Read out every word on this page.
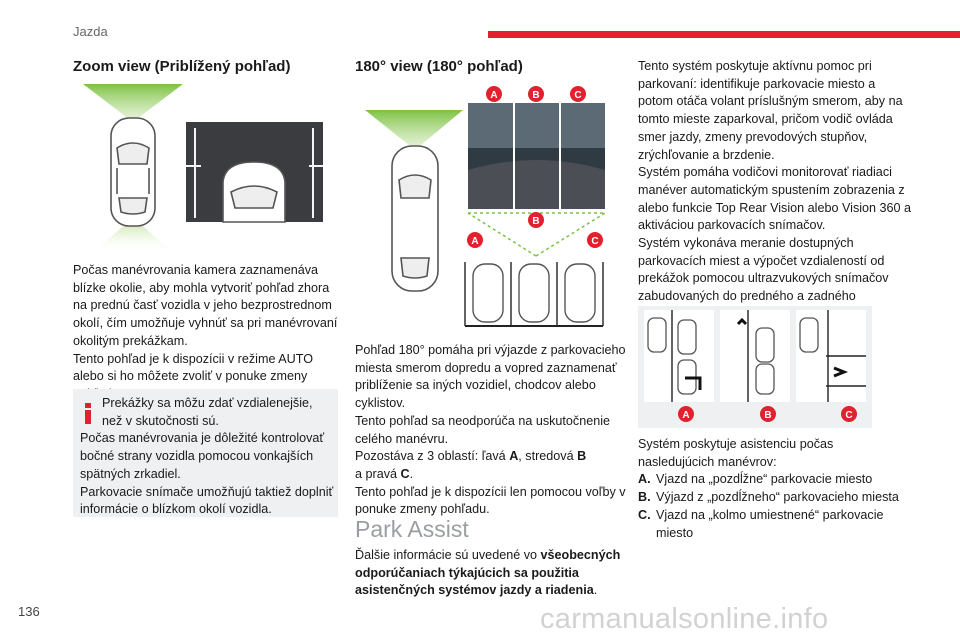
Jazda
Zoom view (Priblížený pohľad)
Počas manévrovania kamera zaznamenáva
blízke okolie, aby mohla vytvoriť pohľad zhora
na prednú časť vozidla v jeho bezprostrednom
okolí, čím umožňuje vyhnúť sa pri manévrovaní
okolitým prekážkam.
Tento pohľad je k dispozícii v režime AUTO
alebo si ho môžete zvoliť v ponuke zmeny
Prekážky sa môžu zdať vzdialenejšie,
než v skutočnosti sú.
Počas manévrovania je dôležité kontrolovať
bočné strany vozidla pomocou vonkajších
spätných zrkadiel.
Parkovacie snímače umožňujú taktiež doplniť
informácie o blízkom okolí vozidla.
180° view (180° pohľad)
A	B	C
B
A	C
Pohľad 180° pomáha pri výjazde z parkovacieho
miesta smerom dopredu a vopred zaznamenať
priblíženie sa iných vozidiel, chodcov alebo
cyklistov.
Tento pohľad sa neodporúča na uskutočnenie
celého manévru.
Pozostáva z 3 oblastí: ľavá A, stredová B
a pravá C.
Tento pohľad je k dispozícii len pomocou voľby v
ponuke zmeny pohľadu.
Park Assist
Ďalšie informácie sú uvedené vo všeobecných
odporúčaniach týkajúcich sa použitia
asistenčných systémov jazdy a riadenia.
Tento systém poskytuje aktívnu pomoc pri
parkovaní: identifikuje parkovacie miesto a
potom otáča volant príslušným smerom, aby na
tomto mieste zaparkoval, pričom vodič ovláda
smer jazdy, zmeny prevodových stupňov,
zrýchľovanie a brzdenie.
Systém pomáha vodičovi monitorovať riadiaci
manéver automatickým spustením zobrazenia z
alebo funkcie Top Rear Vision alebo Vision 360 a
aktiváciou parkovacích snímačov.
Systém vykonáva meranie dostupných
parkovacích miest a výpočet vzdialeností od
prekážok pomocou ultrazvukových snímačov
zabudovaných do predného a zadného
A	B	C
Systém poskytuje asistenciu počas
nasledujúcich manévrov:
A. Vjazd na „pozdĺžne“ parkovacie miesto
B. Výjazd z „pozdĺžneho“ parkovacieho miesta
C. Vjazd na „kolmo umiestnené“ parkovacie
miesto
136	carmanualsonline.info
